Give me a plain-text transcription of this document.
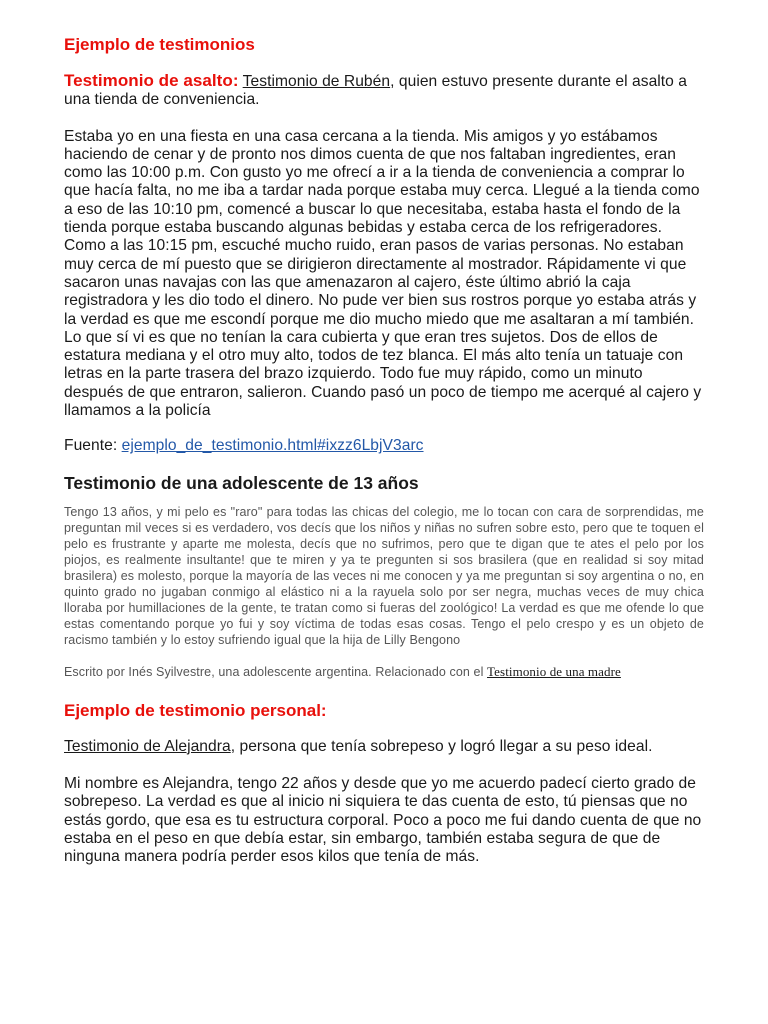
Ejemplo de testimonios

Testimonio de asalto: Testimonio de Rubén, quien estuvo presente durante el asalto a una tienda de conveniencia.

Estaba yo en una fiesta en una casa cercana a la tienda. Mis amigos y yo estábamos haciendo de cenar y de pronto nos dimos cuenta de que nos faltaban ingredientes, eran como las 10:00 p.m. Con gusto yo me ofrecí a ir a la tienda de conveniencia a comprar lo que hacía falta, no me iba a tardar nada porque estaba muy cerca. Llegué a la tienda como a eso de las 10:10 pm, comencé a buscar lo que necesitaba, estaba hasta el fondo de la tienda porque estaba buscando algunas bebidas y estaba cerca de los refrigeradores. Como a las 10:15 pm, escuché mucho ruido, eran pasos de varias personas. No estaban muy cerca de mí puesto que se dirigieron directamente al mostrador. Rápidamente vi que sacaron unas navajas con las que amenazaron al cajero, éste último abrió la caja registradora y les dio todo el dinero. No pude ver bien sus rostros porque yo estaba atrás y la verdad es que me escondí porque me dio mucho miedo que me asaltaran a mí también. Lo que sí vi es que no tenían la cara cubierta y que eran tres sujetos. Dos de ellos de estatura mediana y el otro muy alto, todos de tez blanca. El más alto tenía un tatuaje con letras en la parte trasera del brazo izquierdo. Todo fue muy rápido, como un minuto después de que entraron, salieron. Cuando pasó un poco de tiempo me acerqué al cajero y llamamos a la policía

Fuente: ejemplo_de_testimonio.html#ixzz6LbjV3arc

Testimonio de una adolescente de 13 años

Tengo 13 años, y mi pelo es "raro" para todas las chicas del colegio, me lo tocan con cara de sorprendidas, me preguntan mil veces si es verdadero, vos decís que los niños y niñas no sufren sobre esto, pero que te toquen el pelo es frustrante y aparte me molesta, decís que no sufrimos, pero que te digan que te ates el pelo por los piojos, es realmente insultante! que te miren y ya te pregunten si sos brasilera (que en realidad si soy mitad brasilera) es molesto, porque la mayoría de las veces ni me conocen y ya me preguntan si soy argentina o no, en quinto grado no jugaban conmigo al elástico ni a la rayuela solo por ser negra, muchas veces de muy chica lloraba por humillaciones de la gente, te tratan como si fueras del zoológico! La verdad es que me ofende lo que estas comentando porque yo fui y soy víctima de todas esas cosas. Tengo el pelo crespo y es un objeto de racismo también y lo estoy sufriendo igual que la hija de Lilly Bengono

Escrito por Inés Syilvestre, una adolescente argentina. Relacionado con el Testimonio de una madre

Ejemplo de testimonio personal:

Testimonio de Alejandra, persona que tenía sobrepeso y logró llegar a su peso ideal.

Mi nombre es Alejandra, tengo 22 años y desde que yo me acuerdo padecí cierto grado de sobrepeso. La verdad es que al inicio ni siquiera te das cuenta de esto, tú piensas que no estás gordo, que esa es tu estructura corporal. Poco a poco me fui dando cuenta de que no estaba en el peso en que debía estar, sin embargo, también estaba segura de que de ninguna manera podría perder esos kilos que tenía de más.
